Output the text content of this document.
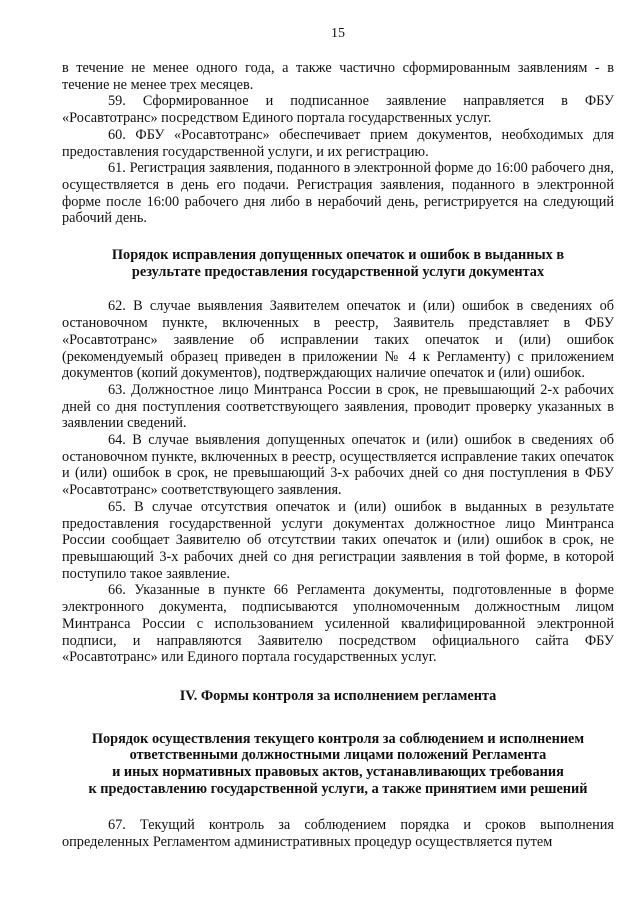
15

в течение не менее одного года, а также частично сформированным заявлениям - в течение не менее трех месяцев.

59. Сформированное и подписанное заявление направляется в ФБУ «Росавтотранс» посредством Единого портала государственных услуг.

60. ФБУ «Росавтотранс» обеспечивает прием документов, необходимых для предоставления государственной услуги, и их регистрацию.

61. Регистрация заявления, поданного в электронной форме до 16:00 рабочего дня, осуществляется в день его подачи. Регистрация заявления, поданного в электронной форме после 16:00 рабочего дня либо в нерабочий день, регистрируется на следующий рабочий день.

Порядок исправления допущенных опечаток и ошибок в выданных в
результате предоставления государственной услуги документах

62. В случае выявления Заявителем опечаток и (или) ошибок в сведениях об остановочном пункте, включенных в реестр, Заявитель представляет в ФБУ «Росавтотранс» заявление об исправлении таких опечаток и (или) ошибок (рекомендуемый образец приведен в приложении № 4 к Регламенту) с приложением документов (копий документов), подтверждающих наличие опечаток и (или) ошибок.

63. Должностное лицо Минтранса России в срок, не превышающий 2-х рабочих дней со дня поступления соответствующего заявления, проводит проверку указанных в заявлении сведений.

64. В случае выявления допущенных опечаток и (или) ошибок в сведениях об остановочном пункте, включенных в реестр, осуществляется исправление таких опечаток и (или) ошибок в срок, не превышающий 3-х рабочих дней со дня поступления в ФБУ «Росавтотранс» соответствующего заявления.

65. В случае отсутствия опечаток и (или) ошибок в выданных в результате предоставления государственной услуги документах должностное лицо Минтранса России сообщает Заявителю об отсутствии таких опечаток и (или) ошибок в срок, не превышающий 3-х рабочих дней со дня регистрации заявления в той форме, в которой поступило такое заявление.

66. Указанные в пункте 66 Регламента документы, подготовленные в форме электронного документа, подписываются уполномоченным должностным лицом Минтранса России с использованием усиленной квалифицированной электронной подписи, и направляются Заявителю посредством официального сайта ФБУ «Росавтотранс» или Единого портала государственных услуг.

IV. Формы контроля за исполнением регламента
Порядок осуществления текущего контроля за соблюдением и исполнением
ответственными должностными лицами положений Регламента
и иных нормативных правовых актов, устанавливающих требования
к предоставлению государственной услуги, а также принятием ими решений

67. Текущий контроль за соблюдением порядка и сроков выполнения определенных Регламентом административных процедур осуществляется путем
